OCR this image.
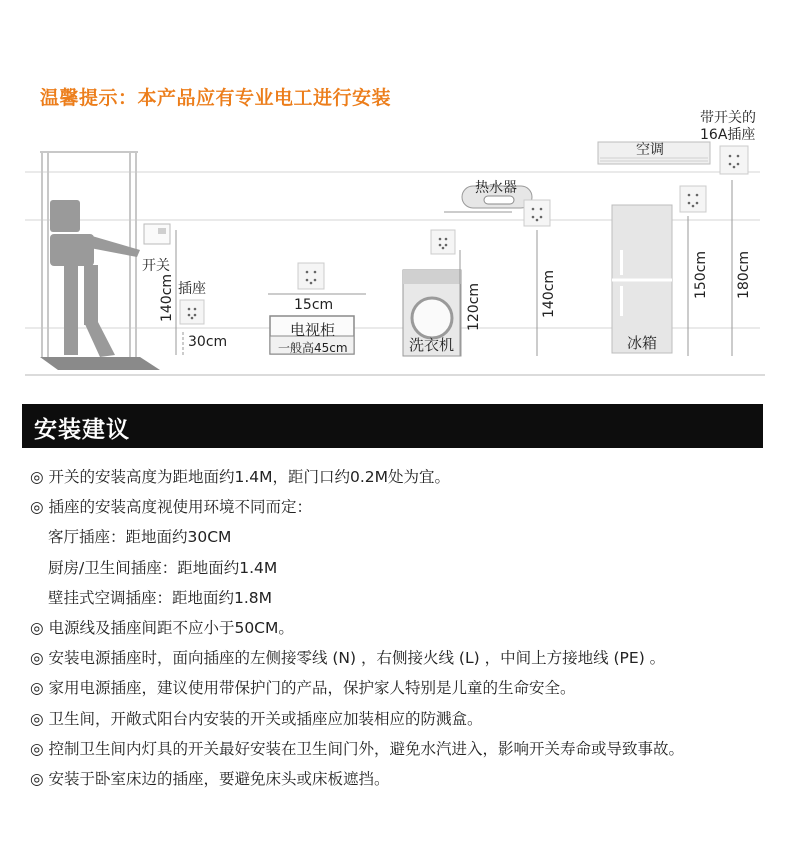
温馨提示：本产品应有专业电工进行安装
开关
插座
140cm
30cm
15cm
电视柜
一般高45cm	洗衣机
120cm
热水器
140cm
空调
带开关的
16A插座
冰箱
150cm 180cm
安装建议
◎ 开关的安装高度为距地面约1.4M，距门口约0.2M处为宜。
◎ 插座的安装高度视使用环境不同而定：
客厅插座：距地面约30CM
厨房/卫生间插座：距地面约1.4M
壁挂式空调插座：距地面约1.8M
◎ 电源线及插座间距不应小于50CM。
◎ 安装电源插座时，面向插座的左侧接零线 (N) ，右侧接火线 (L) ，中间上方接地线 (PE) 。
◎ 家用电源插座，建议使用带保护门的产品，保护家人特别是儿童的生命安全。
◎ 卫生间，开敞式阳台内安装的开关或插座应加装相应的防溅盒。
◎ 控制卫生间内灯具的开关最好安装在卫生间门外，避免水汽进入，影响开关寿命或导致事故。
◎ 安装于卧室床边的插座，要避免床头或床板遮挡。
